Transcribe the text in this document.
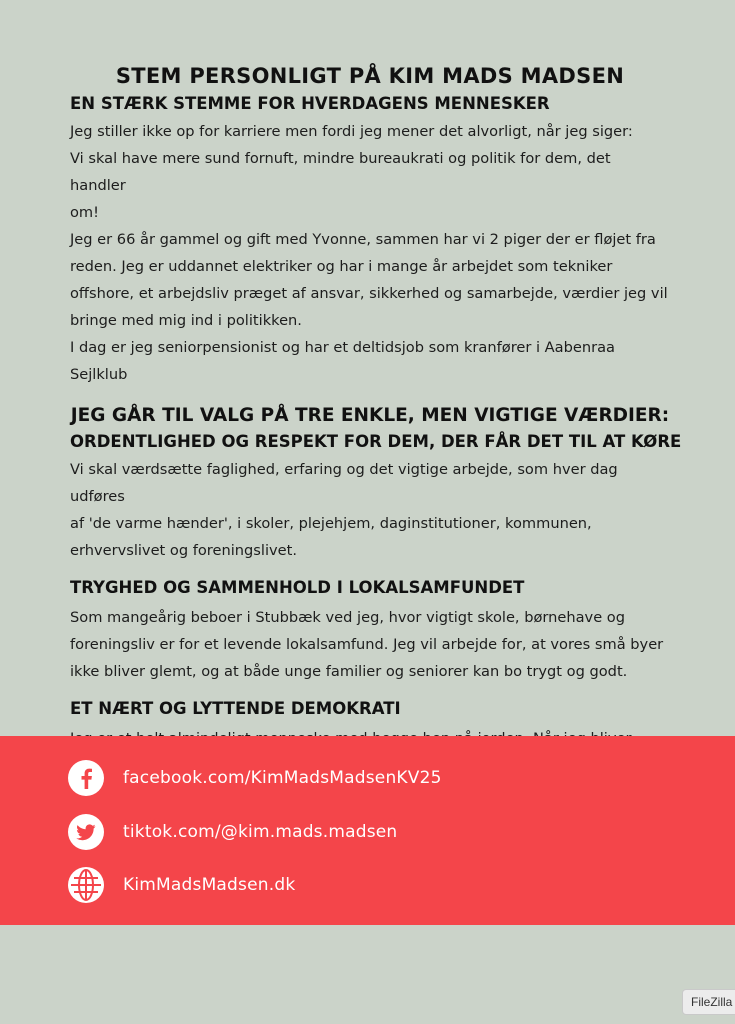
STEM PERSONLIGT PÅ KIM MADS MADSEN
EN STÆRK STEMME FOR HVERDAGENS MENNESKER
Jeg stiller ikke op for karriere men fordi jeg mener det alvorligt, når jeg siger:
Vi skal have mere sund fornuft, mindre bureaukrati og politik for dem, det handler
om!
Jeg er 66 år gammel og gift med Yvonne, sammen har vi 2 piger der er fløjet fra
reden. Jeg er uddannet elektriker og har i mange år arbejdet som tekniker
offshore, et arbejdsliv præget af ansvar, sikkerhed og samarbejde, værdier jeg vil
bringe med mig ind i politikken.
I dag er jeg seniorpensionist og har et deltidsjob som kranfører i Aabenraa Sejlklub
JEG GÅR TIL VALG PÅ TRE ENKLE, MEN VIGTIGE VÆRDIER:
ORDENTLIGHED OG RESPEKT FOR DEM, DER FÅR DET TIL AT KØRE
Vi skal værdsætte faglighed, erfaring og det vigtige arbejde, som hver dag udføres
af 'de varme hænder', i skoler, plejehjem, daginstitutioner, kommunen,
erhvervslivet og foreningslivet.
TRYGHED OG SAMMENHOLD I LOKALSAMFUNDET
Som mangeårig beboer i Stubbæk ved jeg, hvor vigtigt skole, børnehave og
foreningsliv er for et levende lokalsamfund. Jeg vil arbejde for, at vores små byer
ikke bliver glemt, og at både unge familier og seniorer kan bo trygt og godt.
ET NÆRT OG LYTTENDE DEMOKRATI
facebook.com/KimMadsMadsenKV25
tiktok.com/@kim.mads.madsen
KimMadsMadsen.dk
FileZilla
